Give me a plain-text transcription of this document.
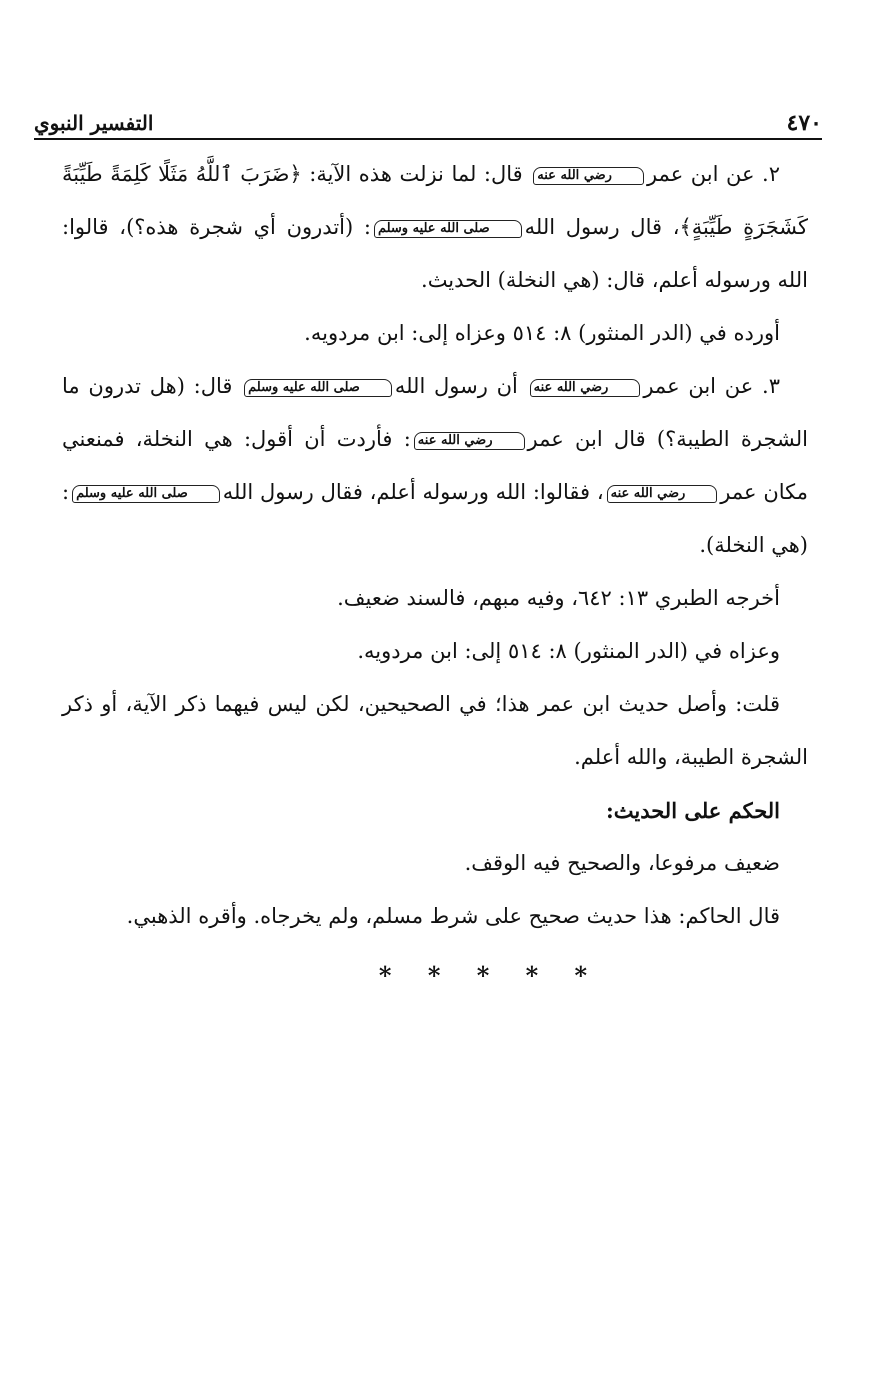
٤٧٠
التفسير النبوي

٢. عن ابن عمررضي الله عنه قال: لما نزلت هذه الآية: ﴿ضَرَبَ ٱللَّهُ مَثَلًا كَلِمَةً طَيِّبَةً كَشَجَرَةٍ طَيِّبَةٍ﴾، قال رسول اللهصلى الله عليه وسلم: (أتدرون أي شجرة هذه؟)، قالوا: الله ورسوله أعلم، قال: (هي النخلة) الحديث.

أورده في (الدر المنثور) ٨: ٥١٤ وعزاه إلى: ابن مردويه.

٣. عن ابن عمررضي الله عنه أن رسول اللهصلى الله عليه وسلم قال: (هل تدرون ما الشجرة الطيبة؟) قال ابن عمررضي الله عنه: فأردت أن أقول: هي النخلة، فمنعني مكان عمررضي الله عنه، فقالوا: الله ورسوله أعلم، فقال رسول اللهصلى الله عليه وسلم: (هي النخلة).

أخرجه الطبري ١٣: ٦٤٢، وفيه مبهم، فالسند ضعيف.

وعزاه في (الدر المنثور) ٨: ٥١٤ إلى: ابن مردويه.

قلت: وأصل حديث ابن عمر هذا؛ في الصحيحين، لكن ليس فيهما ذكر الآية، أو ذكر الشجرة الطيبة، والله أعلم.

الحكم على الحديث:

ضعيف مرفوعا، والصحيح فيه الوقف.

قال الحاكم: هذا حديث صحيح على شرط مسلم، ولم يخرجاه. وأقره الذهبي.

* * * * *
